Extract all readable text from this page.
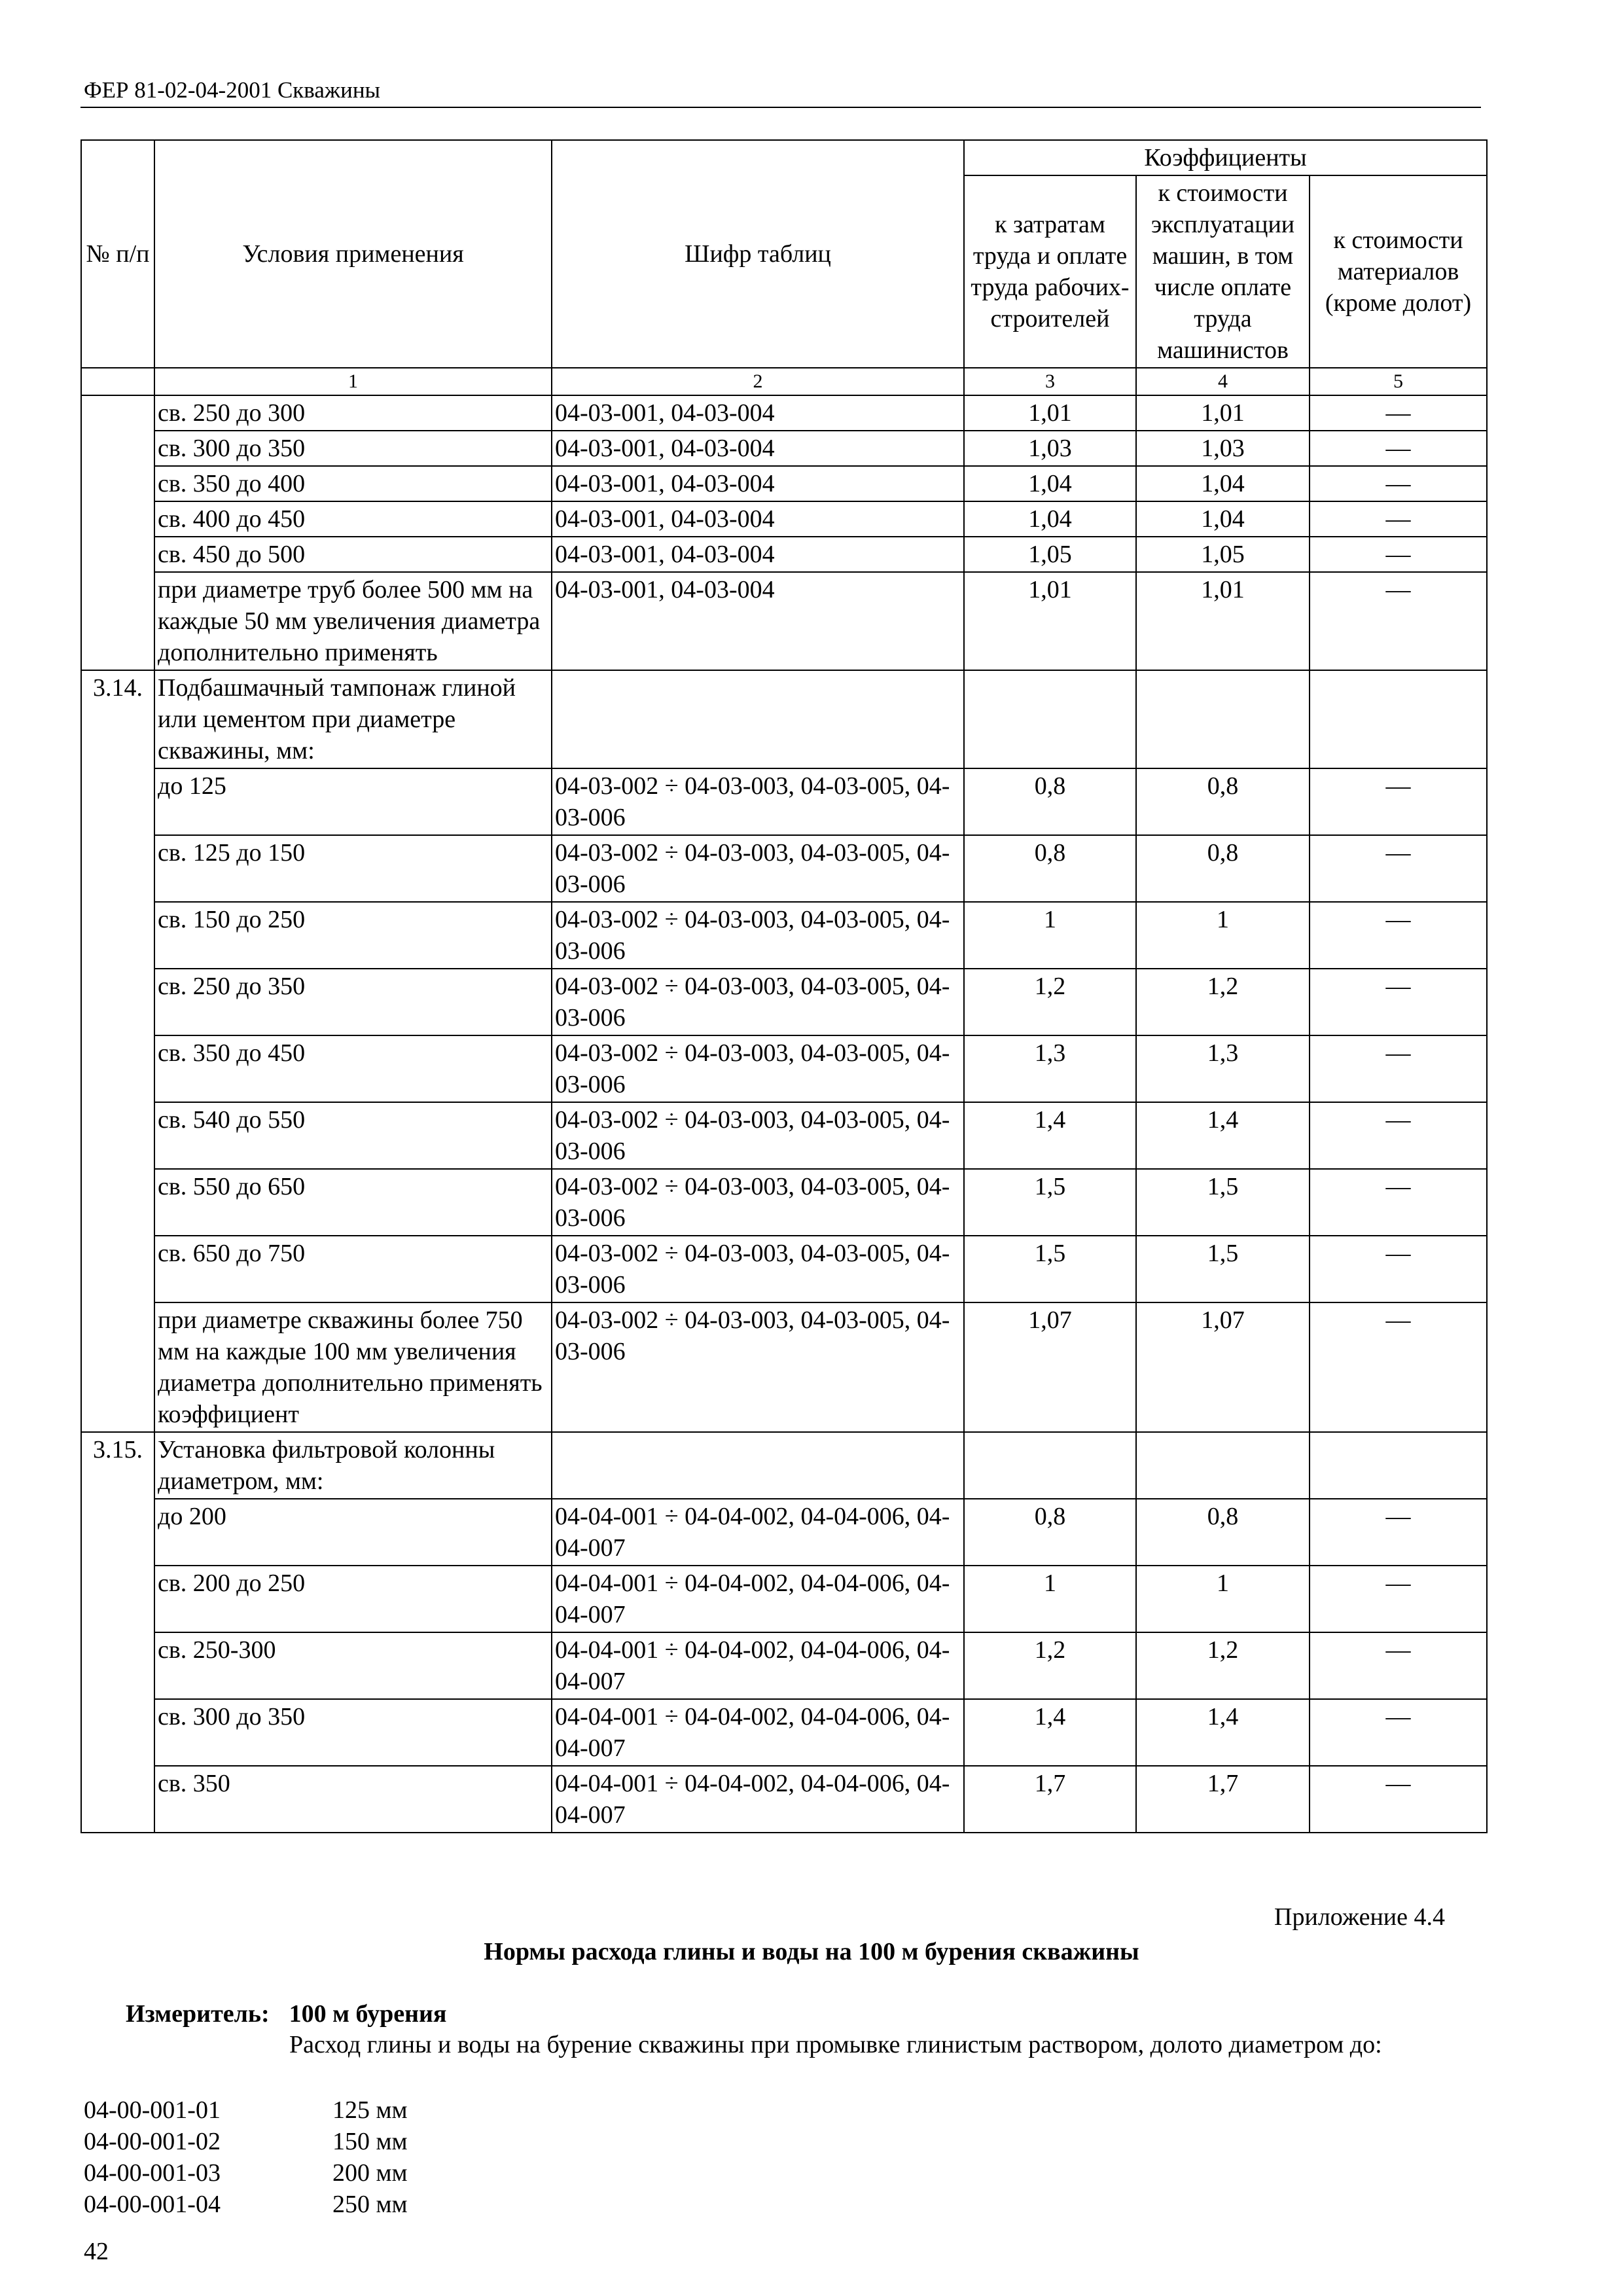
ФЕР 81-02-04-2001 Скважины
№ п/п	Условия применения	Шифр таблиц	Коэффициенты		
			к затратам труда и оплате труда рабочих-строителей	к стоимости эксплуатации машин, в том числе оплате труда машинистов	к стоимости материалов (кроме долот)
	1	2	3	4	5
	св. 250 до 300	04-03-001, 04-03-004	1,01	1,01	—
	св. 300 до 350	04-03-001, 04-03-004	1,03	1,03	—
	св. 350 до 400	04-03-001, 04-03-004	1,04	1,04	—
	св. 400 до 450	04-03-001, 04-03-004	1,04	1,04	—
	св. 450 до 500	04-03-001, 04-03-004	1,05	1,05	—
	при диаметре труб более 500 мм на каждые 50 мм увеличения диаметра дополнительно применять	04-03-001, 04-03-004	1,01	1,01	—
3.14.	Подбашмачный тампонаж глиной или цементом при диаметре скважины, мм:				
	до 125	04-03-002 ÷ 04-03-003, 04-03-005, 04-03-006	0,8	0,8	—
	св. 125 до 150	04-03-002 ÷ 04-03-003, 04-03-005, 04-03-006	0,8	0,8	—
	св. 150 до 250	04-03-002 ÷ 04-03-003, 04-03-005, 04-03-006	1	1	—
	св. 250 до 350	04-03-002 ÷ 04-03-003, 04-03-005, 04-03-006	1,2	1,2	—
	св. 350 до 450	04-03-002 ÷ 04-03-003, 04-03-005, 04-03-006	1,3	1,3	—
	св. 540 до 550	04-03-002 ÷ 04-03-003, 04-03-005, 04-03-006	1,4	1,4	—
	св. 550 до 650	04-03-002 ÷ 04-03-003, 04-03-005, 04-03-006	1,5	1,5	—
	св. 650 до 750	04-03-002 ÷ 04-03-003, 04-03-005, 04-03-006	1,5	1,5	—
	при диаметре скважины более 750 мм на каждые 100 мм увеличения диаметра дополнительно применять коэффициент	04-03-002 ÷ 04-03-003, 04-03-005, 04-03-006	1,07	1,07	—
3.15.	Установка фильтровой колонны диаметром, мм:				
	до 200	04-04-001 ÷ 04-04-002, 04-04-006, 04-04-007	0,8	0,8	—
	св. 200 до 250	04-04-001 ÷ 04-04-002, 04-04-006, 04-04-007	1	1	—
	св. 250-300	04-04-001 ÷ 04-04-002, 04-04-006, 04-04-007	1,2	1,2	—
	св. 300 до 350	04-04-001 ÷ 04-04-002, 04-04-006, 04-04-007	1,4	1,4	—
	св. 350	04-04-001 ÷ 04-04-002, 04-04-006, 04-04-007	1,7	1,7	—
Приложение 4.4
Нормы расхода глины и воды на 100 м бурения скважины
Измеритель: 100 м бурения
Расход глины и воды на бурение скважины при промывке глинистым раствором, долото диаметром до:
04-00-001-01	125 мм
04-00-001-02	150 мм
04-00-001-03	200 мм
04-00-001-04	250 мм
42
